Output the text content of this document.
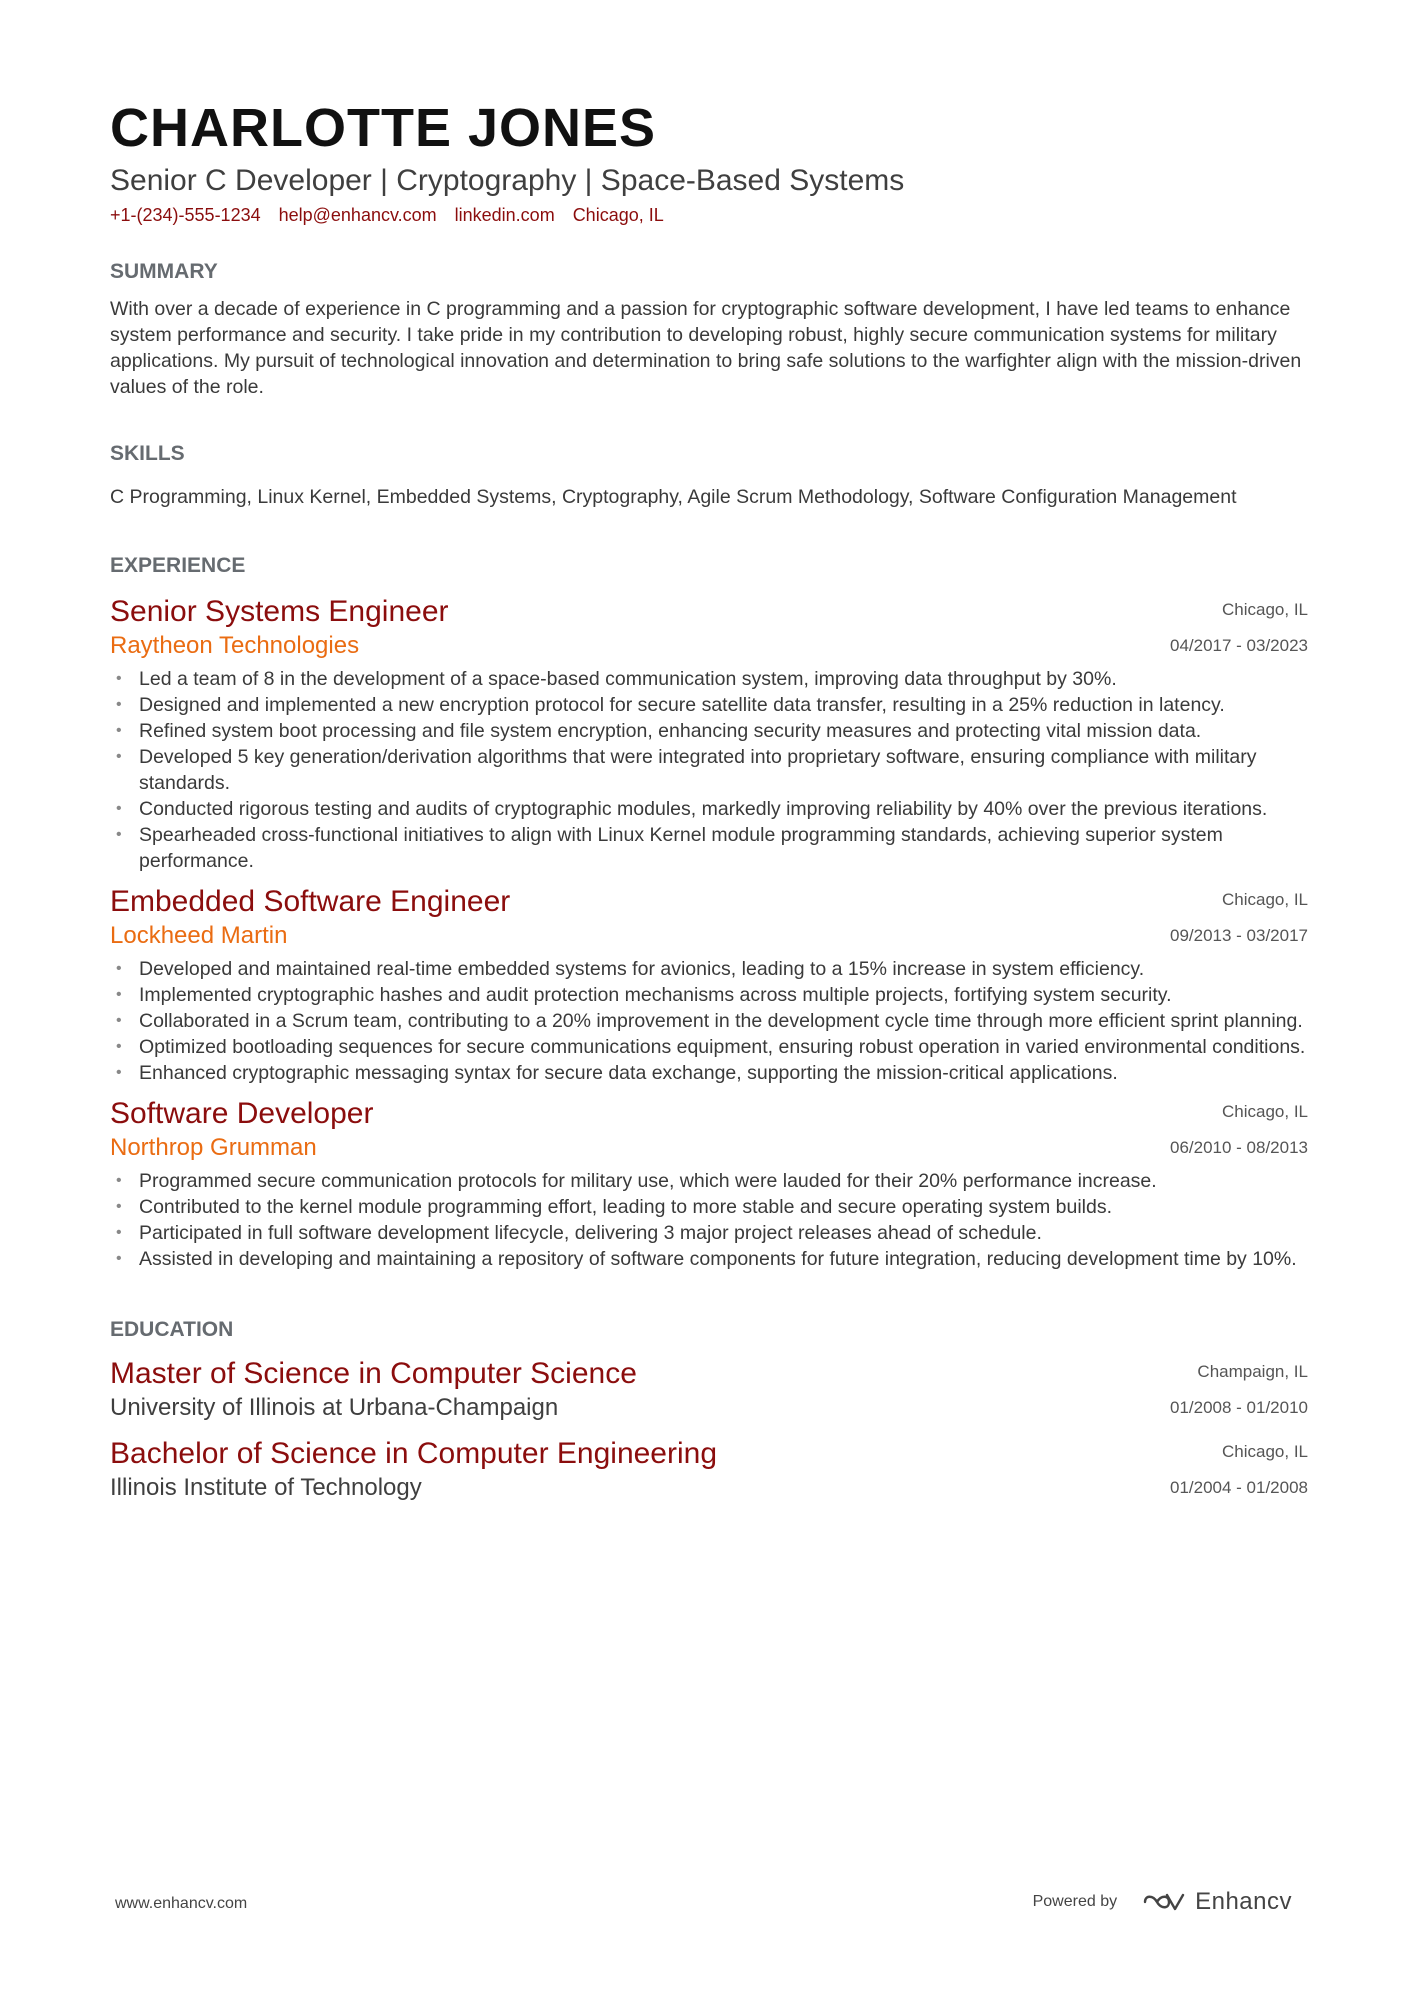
CHARLOTTE JONES
Senior C Developer | Cryptography | Space-Based Systems
+1-(234)-555-1234 help@enhancv.com linkedin.com Chicago, IL
SUMMARY
With over a decade of experience in C programming and a passion for cryptographic software development, I have led teams to enhance system performance and security. I take pride in my contribution to developing robust, highly secure communication systems for military applications. My pursuit of technological innovation and determination to bring safe solutions to the warfighter align with the mission-driven values of the role.
SKILLS
C Programming, Linux Kernel, Embedded Systems, Cryptography, Agile Scrum Methodology, Software Configuration Management
EXPERIENCE
Senior Systems Engineer
Raytheon Technologies
Chicago, IL
04/2017 - 03/2023
• Led a team of 8 in the development of a space-based communication system, improving data throughput by 30%.
• Designed and implemented a new encryption protocol for secure satellite data transfer, resulting in a 25% reduction in latency.
• Refined system boot processing and file system encryption, enhancing security measures and protecting vital mission data.
• Developed 5 key generation/derivation algorithms that were integrated into proprietary software, ensuring compliance with military standards.
• Conducted rigorous testing and audits of cryptographic modules, markedly improving reliability by 40% over the previous iterations.
• Spearheaded cross-functional initiatives to align with Linux Kernel module programming standards, achieving superior system performance.
Embedded Software Engineer
Lockheed Martin
Chicago, IL
09/2013 - 03/2017
• Developed and maintained real-time embedded systems for avionics, leading to a 15% increase in system efficiency.
• Implemented cryptographic hashes and audit protection mechanisms across multiple projects, fortifying system security.
• Collaborated in a Scrum team, contributing to a 20% improvement in the development cycle time through more efficient sprint planning.
• Optimized bootloading sequences for secure communications equipment, ensuring robust operation in varied environmental conditions.
• Enhanced cryptographic messaging syntax for secure data exchange, supporting the mission-critical applications.
Software Developer
Northrop Grumman
Chicago, IL
06/2010 - 08/2013
• Programmed secure communication protocols for military use, which were lauded for their 20% performance increase.
• Contributed to the kernel module programming effort, leading to more stable and secure operating system builds.
• Participated in full software development lifecycle, delivering 3 major project releases ahead of schedule.
• Assisted in developing and maintaining a repository of software components for future integration, reducing development time by 10%.
EDUCATION
Master of Science in Computer Science
University of Illinois at Urbana-Champaign
Champaign, IL
01/2008 - 01/2010
Bachelor of Science in Computer Engineering
Illinois Institute of Technology
Chicago, IL
01/2004 - 01/2008
www.enhancv.com	Powered by	Enhancv
